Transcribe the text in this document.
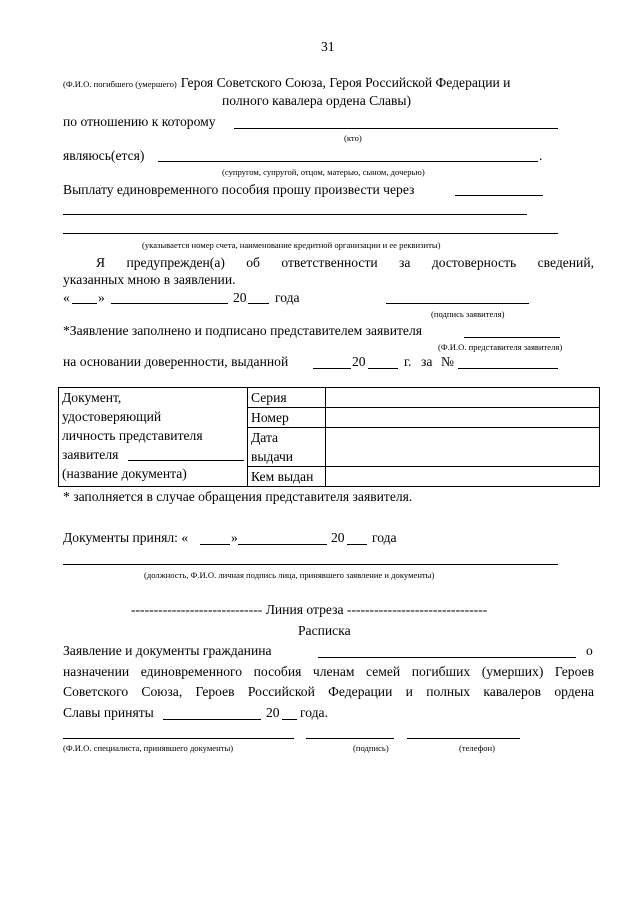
31
(Ф.И.О. погибшего (умершего) Героя Советского Союза, Героя Российской Федерации и
полного кавалера ордена Славы)
по отношению к которому
(кто)
являюсь(ется)	.
(супругом, супругой, отцом, матерью, сыном, дочерью)
Выплату единовременного пособия прошу произвести через
(указывается номер счета, наименование кредитной организации и ее реквизиты)
Я предупрежден(а) об ответственности за достоверность сведений,
указанных мною в заявлении.
« »	20 года
(подпись заявителя)
*Заявление заполнено и подписано представителем заявителя
(Ф.И.О. представителя заявителя)
на основании доверенности, выданной	20	г. за №
Документ,
удостоверяющий
личность представителя
заявителя
(название документа)	Серия	
	Номер	

	Дата
выдачи	

	Кем выдан	
* заполняется в случае обращения представителя заявителя.
Документы принял: «	»	20 года
(должность, Ф.И.О. личная подпись лица, принявшего заявление и документы)
----------------------------- Линия отреза -------------------------------
Расписка
Заявление и документы гражданина	о
назначении единовременного пособия членам семей погибших (умерших) Героев
Советского Союза, Героев Российской Федерации и полных кавалеров ордена
Славы приняты	20 года.
(Ф.И.О. специалиста, принявшего документы)	(подпись)	(телефон)
